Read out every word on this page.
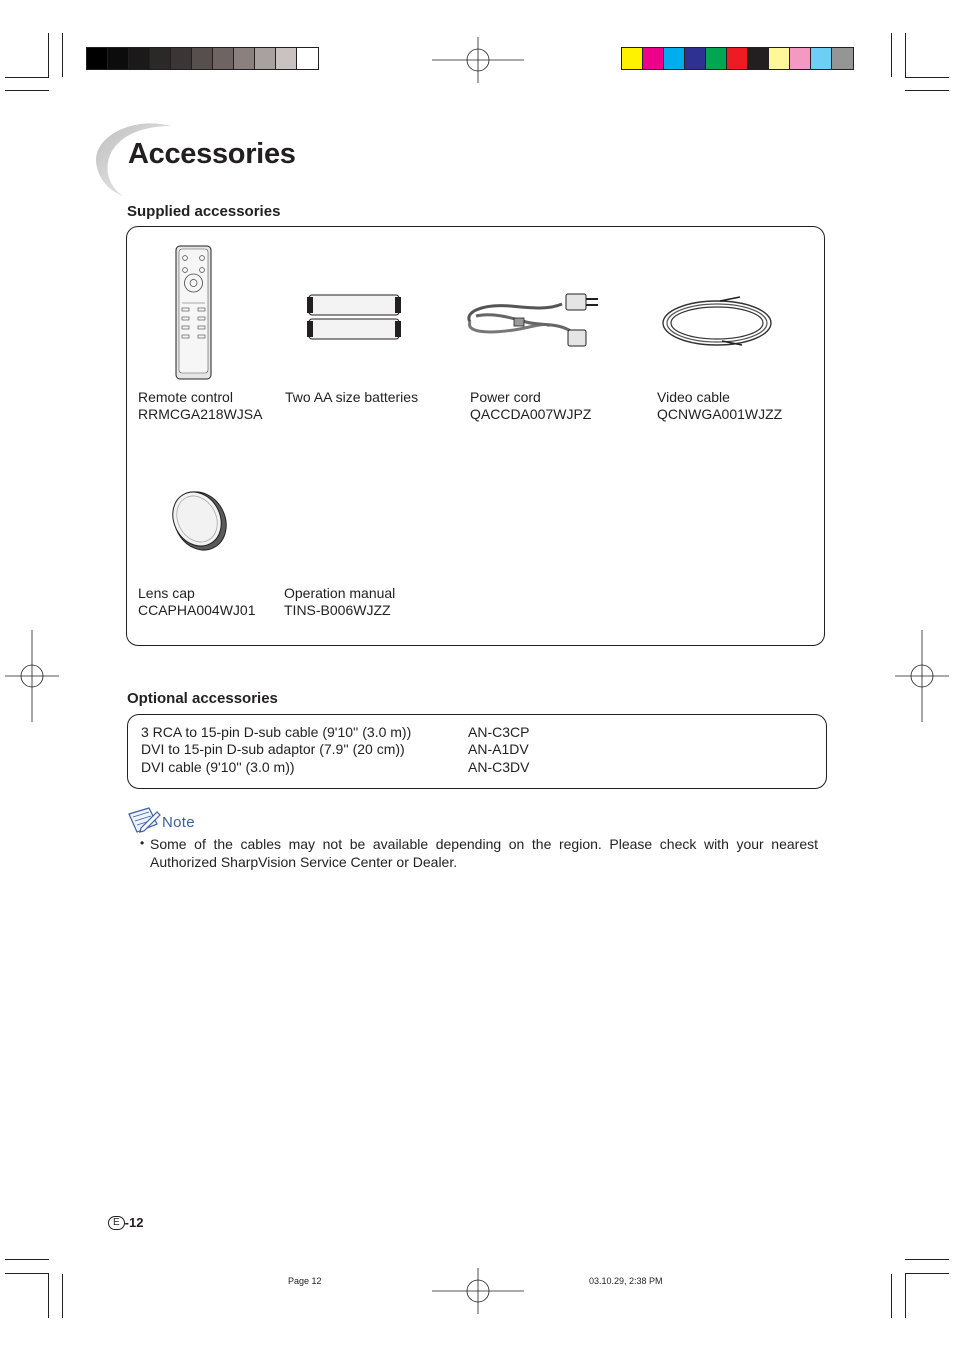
Accessories

Supplied accessories

Remote control
RRMCGA218WJSA
Two AA size batteries	Power cord
QACCDA007WJPZ
Video cable
QCNWGA001WJZZ
Lens cap
CCAPHA004WJ01
Operation manual
TINS-B006WJZZ

Optional accessories

3 RCA to 15-pin D-sub cable (9'10'' (3.0 m))	AN-C3CP
DVI to 15-pin D-sub adaptor (7.9'' (20 cm))	AN-A1DV
DVI cable (9'10'' (3.0 m))	AN-C3DV
Note
• Some of the cables may not be available depending on the region. Please check with your nearest Authorized SharpVision Service Center or Dealer.
E -12
Page 12	03.10.29, 2:38 PM
